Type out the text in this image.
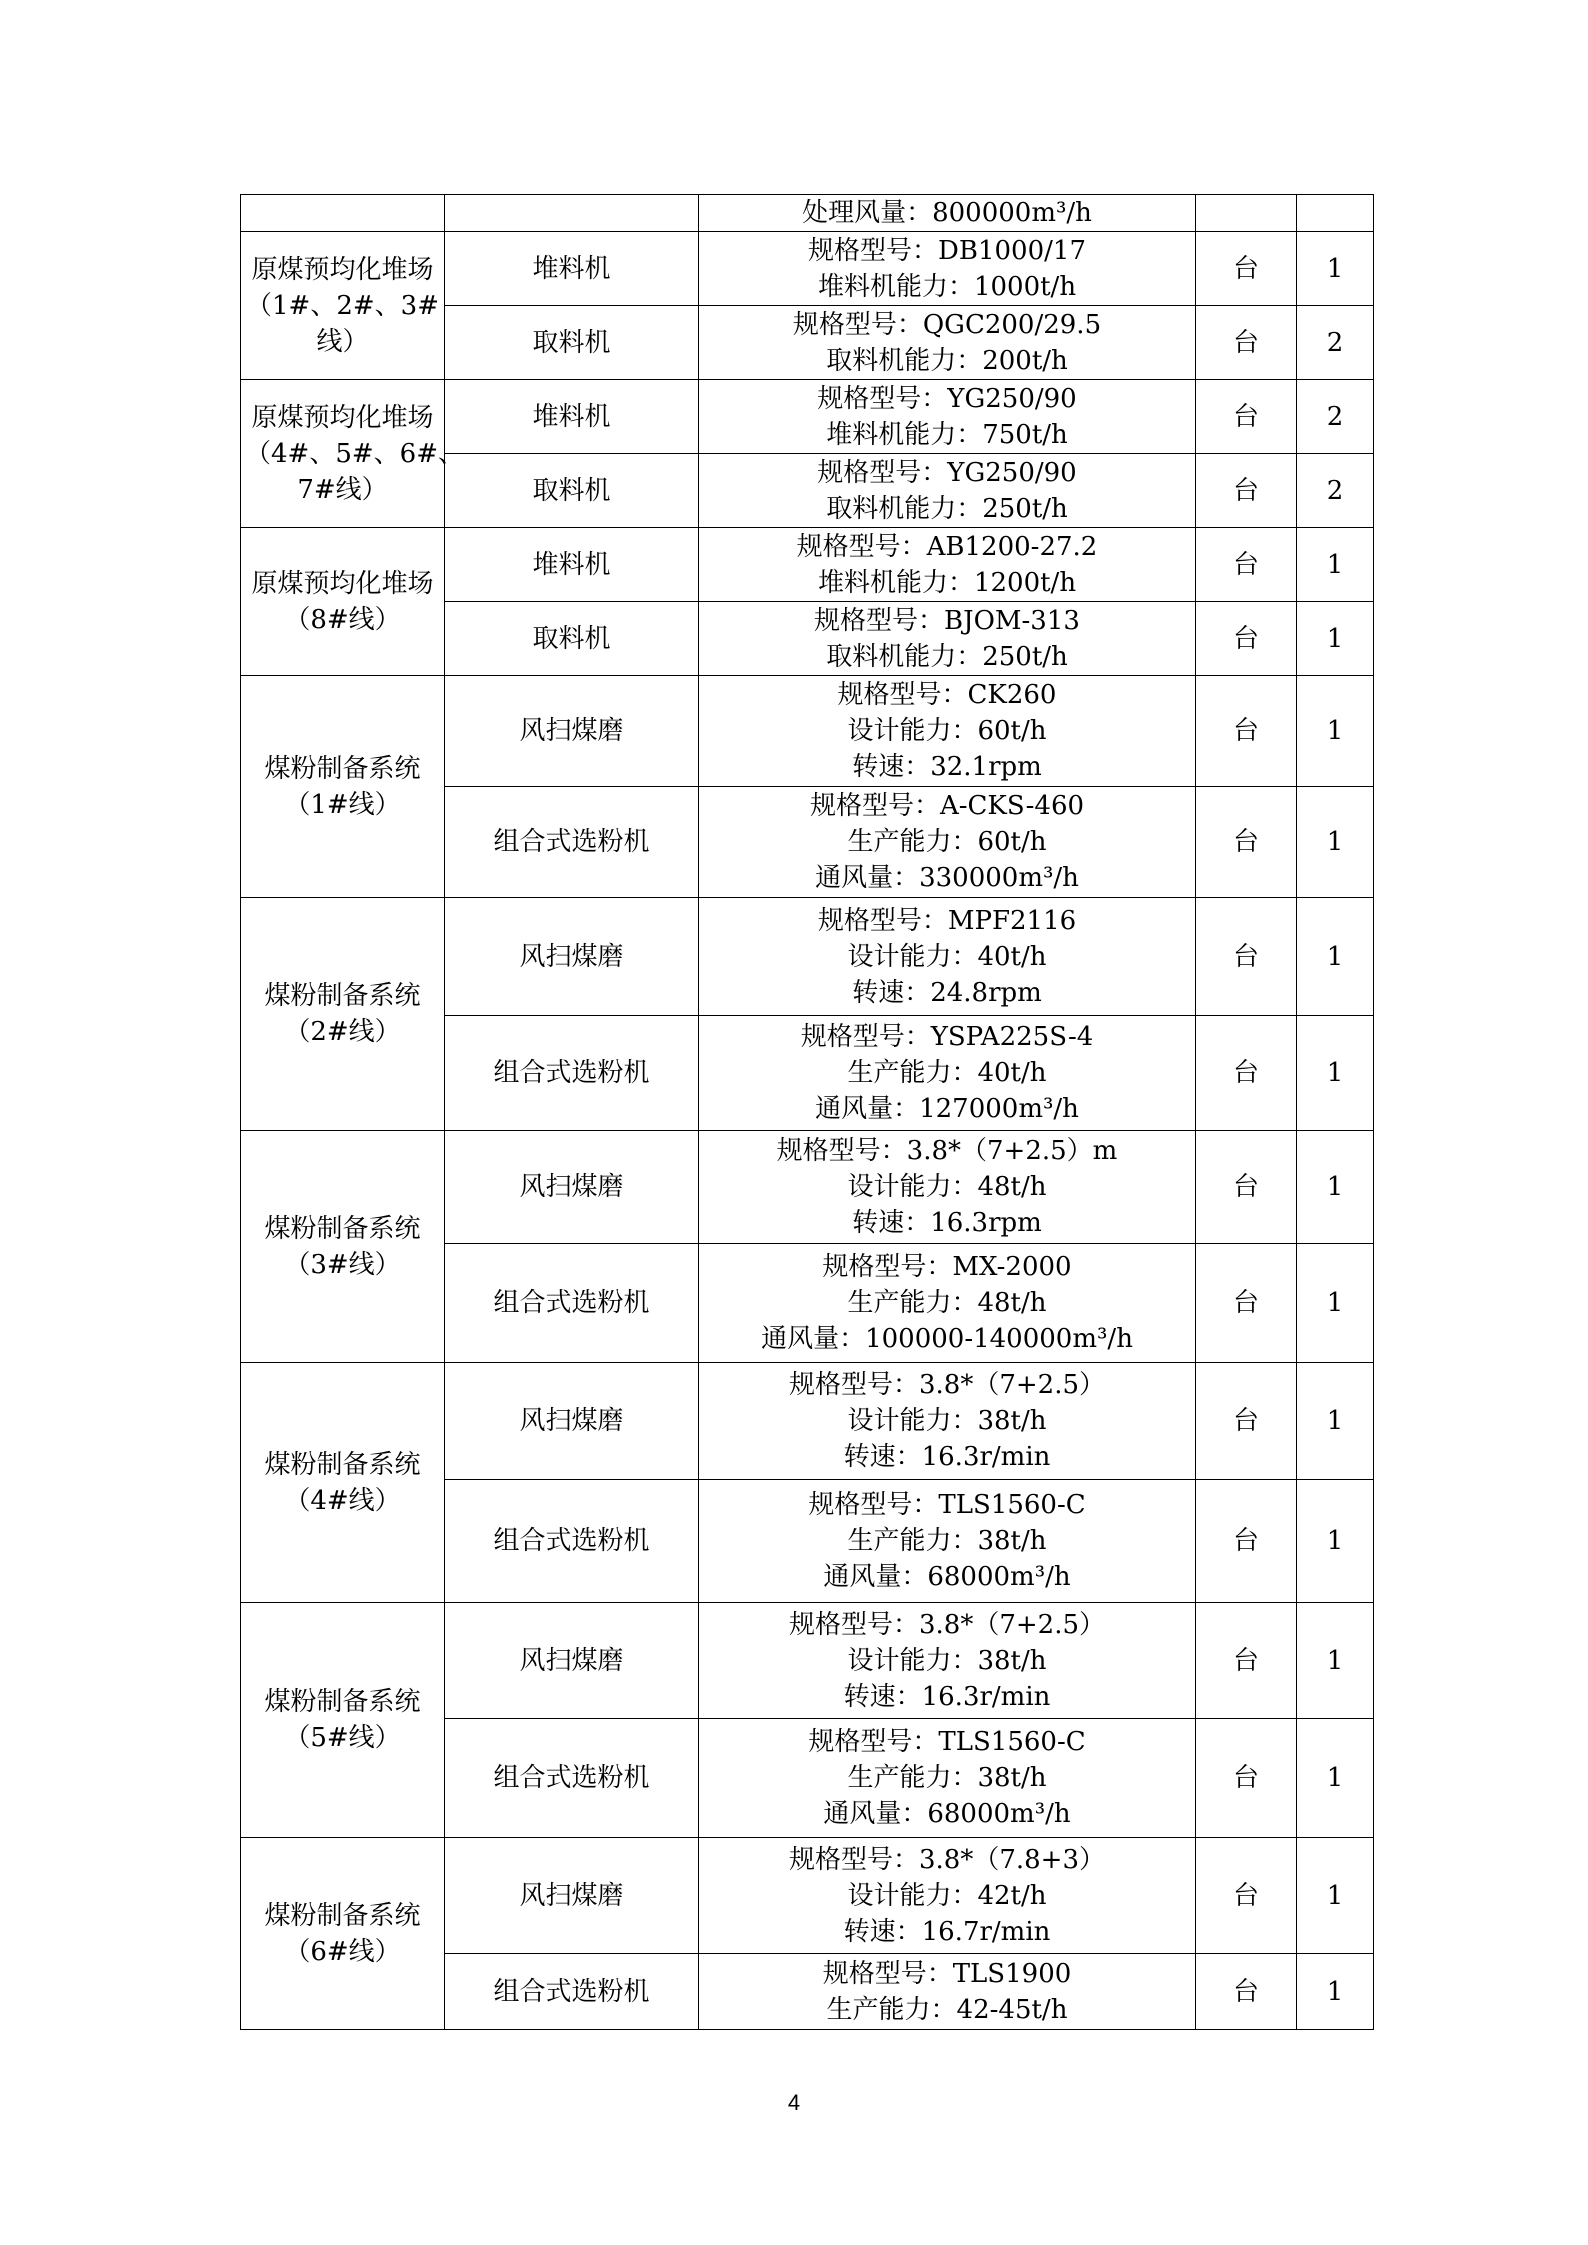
		处理风量：800000m³/h		

原煤预均化堆场
（1#、2#、3#
线）	堆料机	规格型号：DB1000/17
堆料机能力：1000t/h	台	1
	取料机	规格型号：QGC200/29.5
取料机能力：200t/h	台	2

原煤预均化堆场
（4#、5#、6#、
7#线）	堆料机	规格型号：YG250/90
堆料机能力：750t/h	台	2
	取料机	规格型号：YG250/90
取料机能力：250t/h	台	2

原煤预均化堆场
（8#线）	堆料机	规格型号：AB1200-27.2
堆料机能力：1200t/h	台	1
	取料机	规格型号：BJOM-313
取料机能力：250t/h	台	1

煤粉制备系统
（1#线）	风扫煤磨	规格型号：CK260
设计能力：60t/h
转速：32.1rpm	台	1
	组合式选粉机	规格型号：A-CKS-460
生产能力：60t/h
通风量：330000m³/h	台	1

煤粉制备系统
（2#线）	风扫煤磨	规格型号：MPF2116
设计能力：40t/h
转速：24.8rpm	台	1
	组合式选粉机	规格型号：YSPA225S-4
生产能力：40t/h
通风量：127000m³/h	台	1

煤粉制备系统
（3#线）	风扫煤磨	规格型号：3.8*（7+2.5）m
设计能力：48t/h
转速：16.3rpm	台	1
	组合式选粉机	规格型号：MX-2000
生产能力：48t/h
通风量：100000-140000m³/h	台	1

煤粉制备系统
（4#线）	风扫煤磨	规格型号：3.8*（7+2.5）
设计能力：38t/h
转速：16.3r/min	台	1
	组合式选粉机	规格型号：TLS1560-C
生产能力：38t/h
通风量：68000m³/h	台	1

煤粉制备系统
（5#线）	风扫煤磨	规格型号：3.8*（7+2.5）
设计能力：38t/h
转速：16.3r/min	台	1
	组合式选粉机	规格型号：TLS1560-C
生产能力：38t/h
通风量：68000m³/h	台	1

煤粉制备系统
（6#线）	风扫煤磨	规格型号：3.8*（7.8+3）
设计能力：42t/h
转速：16.7r/min	台	1
	组合式选粉机	规格型号：TLS1900
生产能力：42-45t/h	台	1
4
